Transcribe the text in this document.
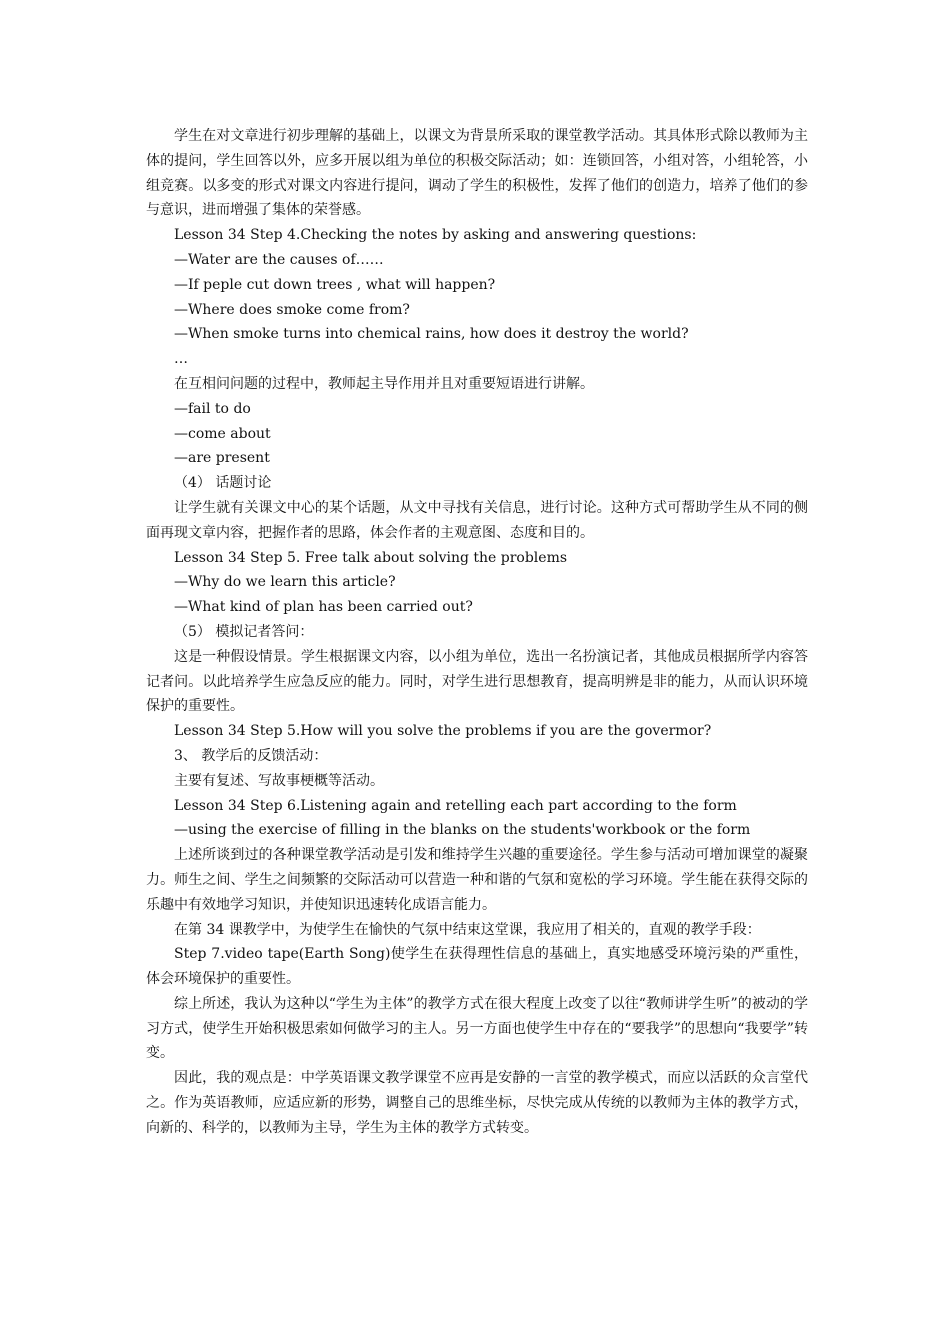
学生在对文章进行初步理解的基础上，以课文为背景所采取的课堂教学活动。其具体形式除以教师为主体的提问，学生回答以外，应多开展以组为单位的积极交际活动；如：连锁回答，小组对答，小组轮答，小组竞赛。以多变的形式对课文内容进行提问，调动了学生的积极性，发挥了他们的创造力，培养了他们的参与意识，进而增强了集体的荣誉感。

Lesson 34 Step 4.Checking the notes by asking and answering questions:

—Water are the causes of……

—If peple cut down trees , what will happen?

—Where does smoke come from?

—When smoke turns into chemical rains, how does it destroy the world?

…

在互相问问题的过程中，教师起主导作用并且对重要短语进行讲解。

—fail to do

—come about

—are present

（4） 话题讨论

让学生就有关课文中心的某个话题，从文中寻找有关信息，进行讨论。这种方式可帮助学生从不同的侧面再现文章内容，把握作者的思路，体会作者的主观意图、态度和目的。

Lesson 34 Step 5. Free talk about solving the problems

—Why do we learn this article?

—What kind of plan has been carried out?

（5） 模拟记者答问：

这是一种假设情景。学生根据课文内容，以小组为单位，选出一名扮演记者，其他成员根据所学内容答记者问。以此培养学生应急反应的能力。同时，对学生进行思想教育，提高明辨是非的能力，从而认识环境保护的重要性。

Lesson 34 Step 5.How will you solve the problems if you are the govermor?

3、 教学后的反馈活动：

主要有复述、写故事梗概等活动。

Lesson 34 Step 6.Listening again and retelling each part according to the form

—using the exercise of filling in the blanks on the students'workbook or the form

上述所谈到过的各种课堂教学活动是引发和维持学生兴趣的重要途径。学生参与活动可增加课堂的凝聚力。师生之间、学生之间频繁的交际活动可以营造一种和谐的气氛和宽松的学习环境。学生能在获得交际的乐趣中有效地学习知识，并使知识迅速转化成语言能力。

在第 34 课教学中，为使学生在愉快的气氛中结束这堂课，我应用了相关的，直观的教学手段：

Step 7.video tape(Earth Song)使学生在获得理性信息的基础上，真实地感受环境污染的严重性，体会环境保护的重要性。

综上所述，我认为这种以“学生为主体”的教学方式在很大程度上改变了以往“教师讲学生听”的被动的学习方式，使学生开始积极思索如何做学习的主人。另一方面也使学生中存在的“要我学”的思想向“我要学”转变。

因此，我的观点是：中学英语课文教学课堂不应再是安静的一言堂的教学模式，而应以活跃的众言堂代之。作为英语教师，应适应新的形势，调整自己的思维坐标，尽快完成从传统的以教师为主体的教学方式，向新的、科学的，以教师为主导，学生为主体的教学方式转变。
